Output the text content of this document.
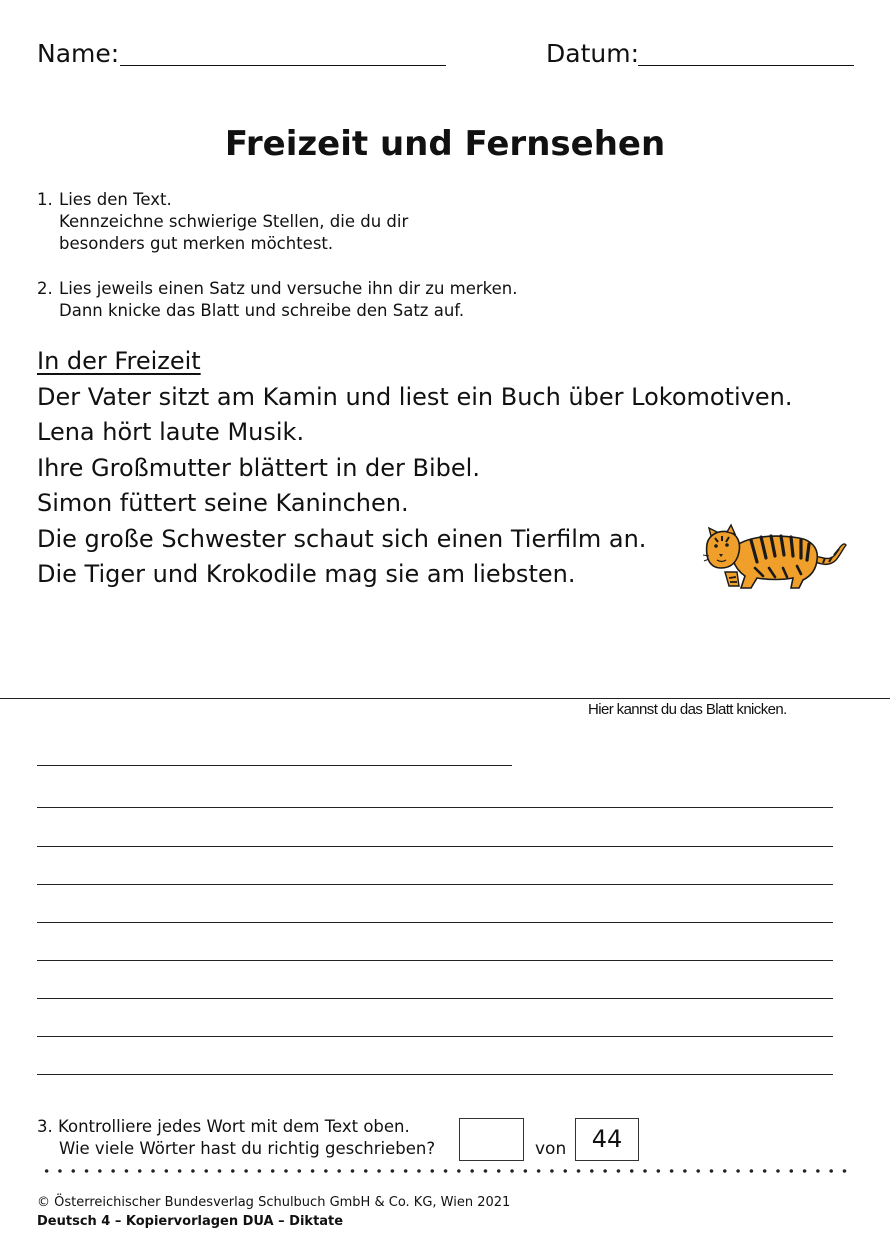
Name:	Datum:
Freizeit und Fernsehen
1. Lies den Text.
Kennzeichne schwierige Stellen, die du dir
besonders gut merken möchtest.
2. Lies jeweils einen Satz und versuche ihn dir zu merken.
Dann knicke das Blatt und schreibe den Satz auf.
In der Freizeit
Der Vater sitzt am Kamin und liest ein Buch über Lokomotiven.
Lena hört laute Musik.
Ihre Großmutter blättert in der Bibel.
Simon füttert seine Kaninchen.
Die große Schwester schaut sich einen Tierfilm an.
Die Tiger und Krokodile mag sie am liebsten.
Hier kannst du das Blatt knicken.
3. Kontrolliere jedes Wort mit dem Text oben.
Wie viele Wörter hast du richtig geschrieben?	von	44
© Österreichischer Bundesverlag Schulbuch GmbH & Co. KG, Wien 2021
Deutsch 4 – Kopiervorlagen DUA – Diktate
